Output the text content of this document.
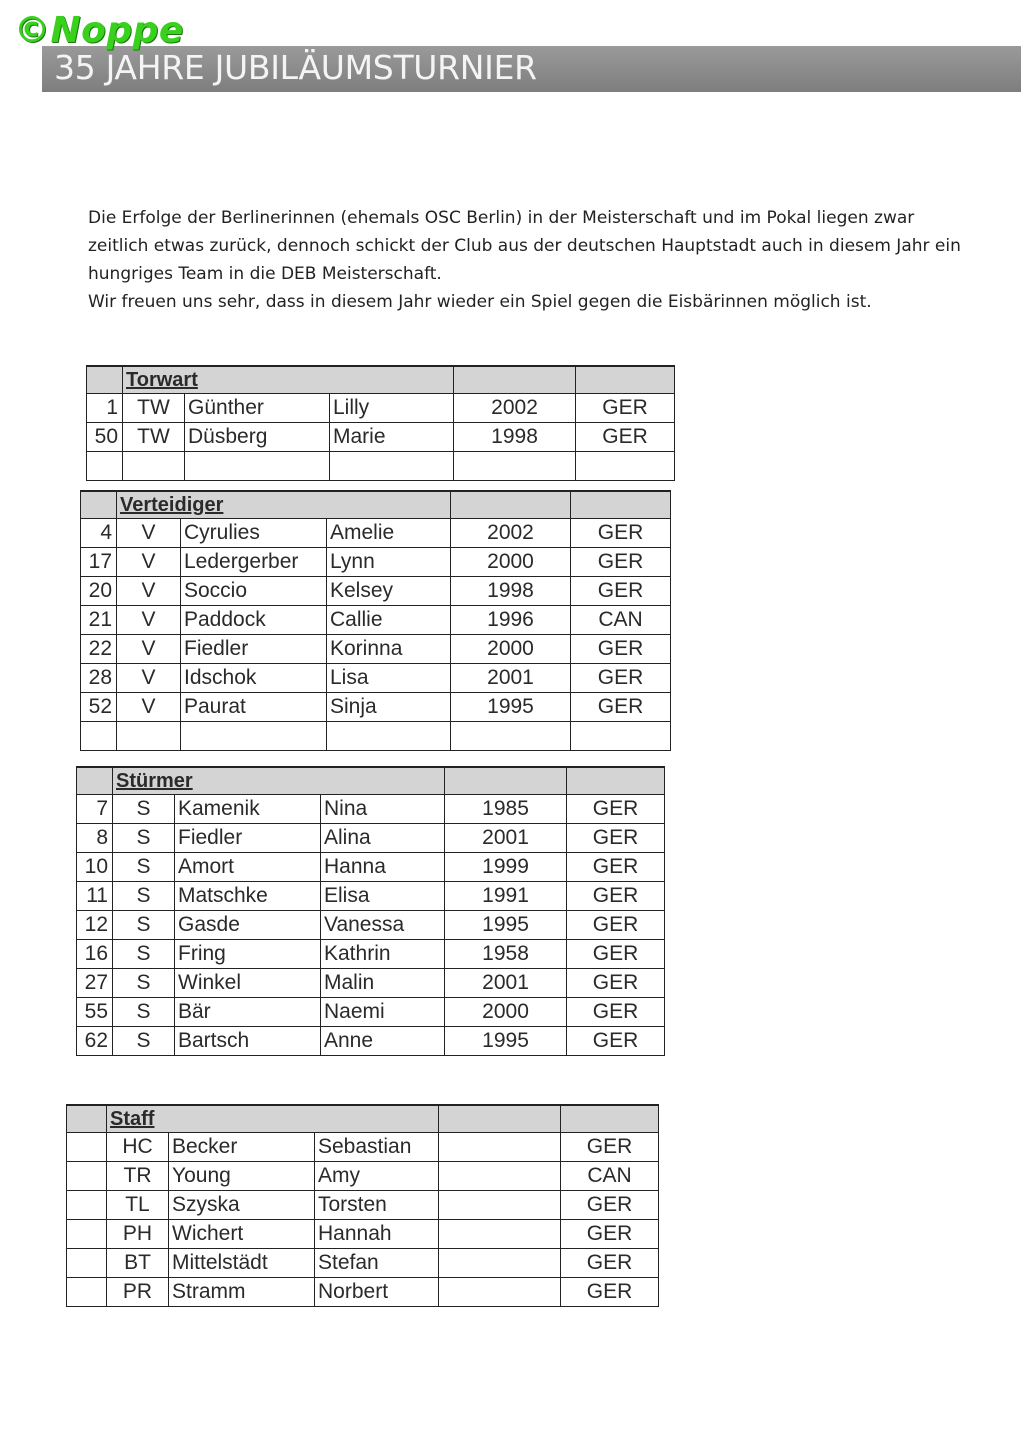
©Noppe
35 JAHRE JUBILÄUMSTURNIER

Die Erfolge der Berlinerinnen (ehemals OSC Berlin) in der Meisterschaft und im Pokal liegen zwar zeitlich etwas zurück, dennoch schickt der Club aus der deutschen Hauptstadt auch in diesem Jahr ein hungriges Team in die DEB Meisterschaft.

Wir freuen uns sehr, dass in diesem Jahr wieder ein Spiel gegen die Eisbärinnen möglich ist.

	Torwart				
1	TW	Günther	Lilly	2002	GER
50	TW	Düsberg	Marie	1998	GER

	Verteidiger				
4	V	Cyrulies	Amelie	2002	GER
17	V	Ledergerber	Lynn	2000	GER
20	V	Soccio	Kelsey	1998	GER
21	V	Paddock	Callie	1996	CAN
22	V	Fiedler	Korinna	2000	GER
28	V	Idschok	Lisa	2001	GER
52	V	Paurat	Sinja	1995	GER

	Stürmer				
7	S	Kamenik	Nina	1985	GER
8	S	Fiedler	Alina	2001	GER
10	S	Amort	Hanna	1999	GER
11	S	Matschke	Elisa	1991	GER
12	S	Gasde	Vanessa	1995	GER
16	S	Fring	Kathrin	1958	GER
27	S	Winkel	Malin	2001	GER
55	S	Bär	Naemi	2000	GER
62	S	Bartsch	Anne	1995	GER
	Staff				
	HC	Becker	Sebastian		GER
	TR	Young	Amy		CAN
	TL	Szyska	Torsten		GER
	PH	Wichert	Hannah		GER
	BT	Mittelstädt	Stefan		GER
	PR	Stramm	Norbert		GER
